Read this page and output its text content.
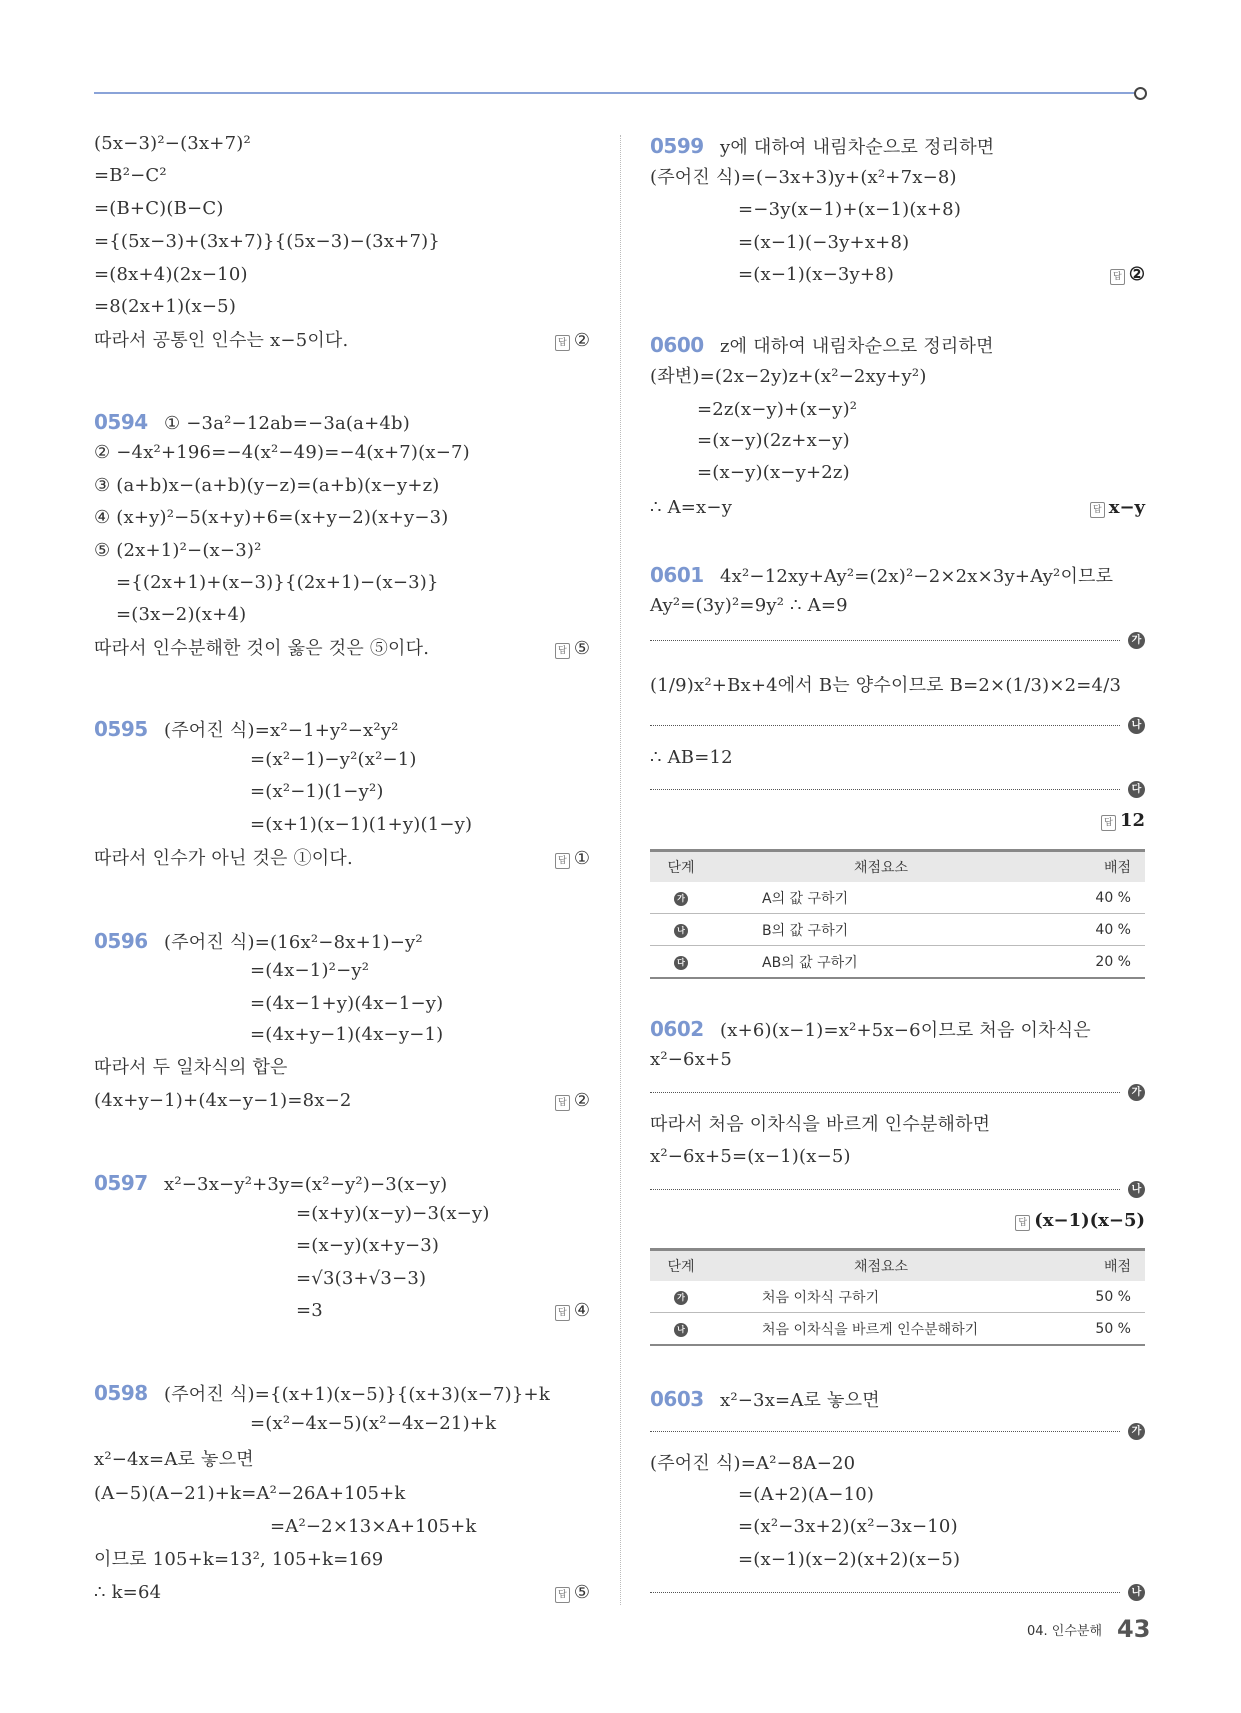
(5x−3)²−(3x+7)²
=B²−C²
=(B+C)(B−C)
={(5x−3)+(3x+7)}{(5x−3)−(3x+7)}
=(8x+4)(2x−10)
=8(2x+1)(x−5)
따라서 공통인 인수는 x−5이다.	답 ②
0594 ① −3a²−12ab=−3a(a+4b)
② −4x²+196=−4(x²−49)=−4(x+7)(x−7)
③ (a+b)x−(a+b)(y−z)=(a+b)(x−y+z)
④ (x+y)²−5(x+y)+6=(x+y−2)(x+y−3)
⑤ (2x+1)²−(x−3)²
={(2x+1)+(x−3)}{(2x+1)−(x−3)}
=(3x−2)(x+4)
따라서 인수분해한 것이 옳은 것은 ⑤이다.	답 ⑤
0595 (주어진 식)=x²−1+y²−x²y²
=(x²−1)−y²(x²−1)
=(x²−1)(1−y²)
=(x+1)(x−1)(1+y)(1−y)
따라서 인수가 아닌 것은 ①이다.	답 ①
0596 (주어진 식)=(16x²−8x+1)−y²
=(4x−1)²−y²
=(4x−1+y)(4x−1−y)
=(4x+y−1)(4x−y−1)
따라서 두 일차식의 합은
(4x+y−1)+(4x−y−1)=8x−2	답 ②
0597 x²−3x−y²+3y=(x²−y²)−3(x−y)
=(x+y)(x−y)−3(x−y)
=(x−y)(x+y−3)
=√3(3+√3−3)
=3	답 ④
0598 (주어진 식)={(x+1)(x−5)}{(x+3)(x−7)}+k
=(x²−4x−5)(x²−4x−21)+k
x²−4x=A로 놓으면
(A−5)(A−21)+k=A²−26A+105+k
=A²−2×13×A+105+k
이므로 105+k=13², 105+k=169
∴ k=64	답 ⑤
0599 y에 대하여 내림차순으로 정리하면
(주어진 식)=(−3x+3)y+(x²+7x−8)
=−3y(x−1)+(x−1)(x+8)
=(x−1)(−3y+x+8)
=(x−1)(x−3y+8)	답 ②
0600 z에 대하여 내림차순으로 정리하면
(좌변)=(2x−2y)z+(x²−2xy+y²)
=2z(x−y)+(x−y)²
=(x−y)(2z+x−y)
=(x−y)(x−y+2z)
∴ A=x−y	답 x−y
0601 4x²−12xy+Ay²=(2x)²−2×2x×3y+Ay²이므로
Ay²=(3y)²=9y² ∴ A=9
(1/9)x²+Bx+4에서 B는 양수이므로 B=2×(1/3)×2=4/3
∴ AB=12
0602 (x+6)(x−1)=x²+5x−6이므로 처음 이차식은
x²−6x+5
따라서 처음 이차식을 바르게 인수분해하면
x²−6x+5=(x−1)(x−5)
0603 x²−3x=A로 놓으면
(주어진 식)=A²−8A−20
=(A+2)(A−10)
=(x²−3x+2)(x²−3x−10)
=(x−1)(x−2)(x+2)(x−5)
답 12
단계	채점요소	배점
가	A의 값 구하기	40 %
나	B의 값 구하기	40 %
다	AB의 값 구하기	20 %
답 (x−1)(x−5)
단계	채점요소	배점
가	처음 이차식 구하기	50 %
나	처음 이차식을 바르게 인수분해하기	50 %
04. 인수분해 43
가
나
다
가
나
가
나
